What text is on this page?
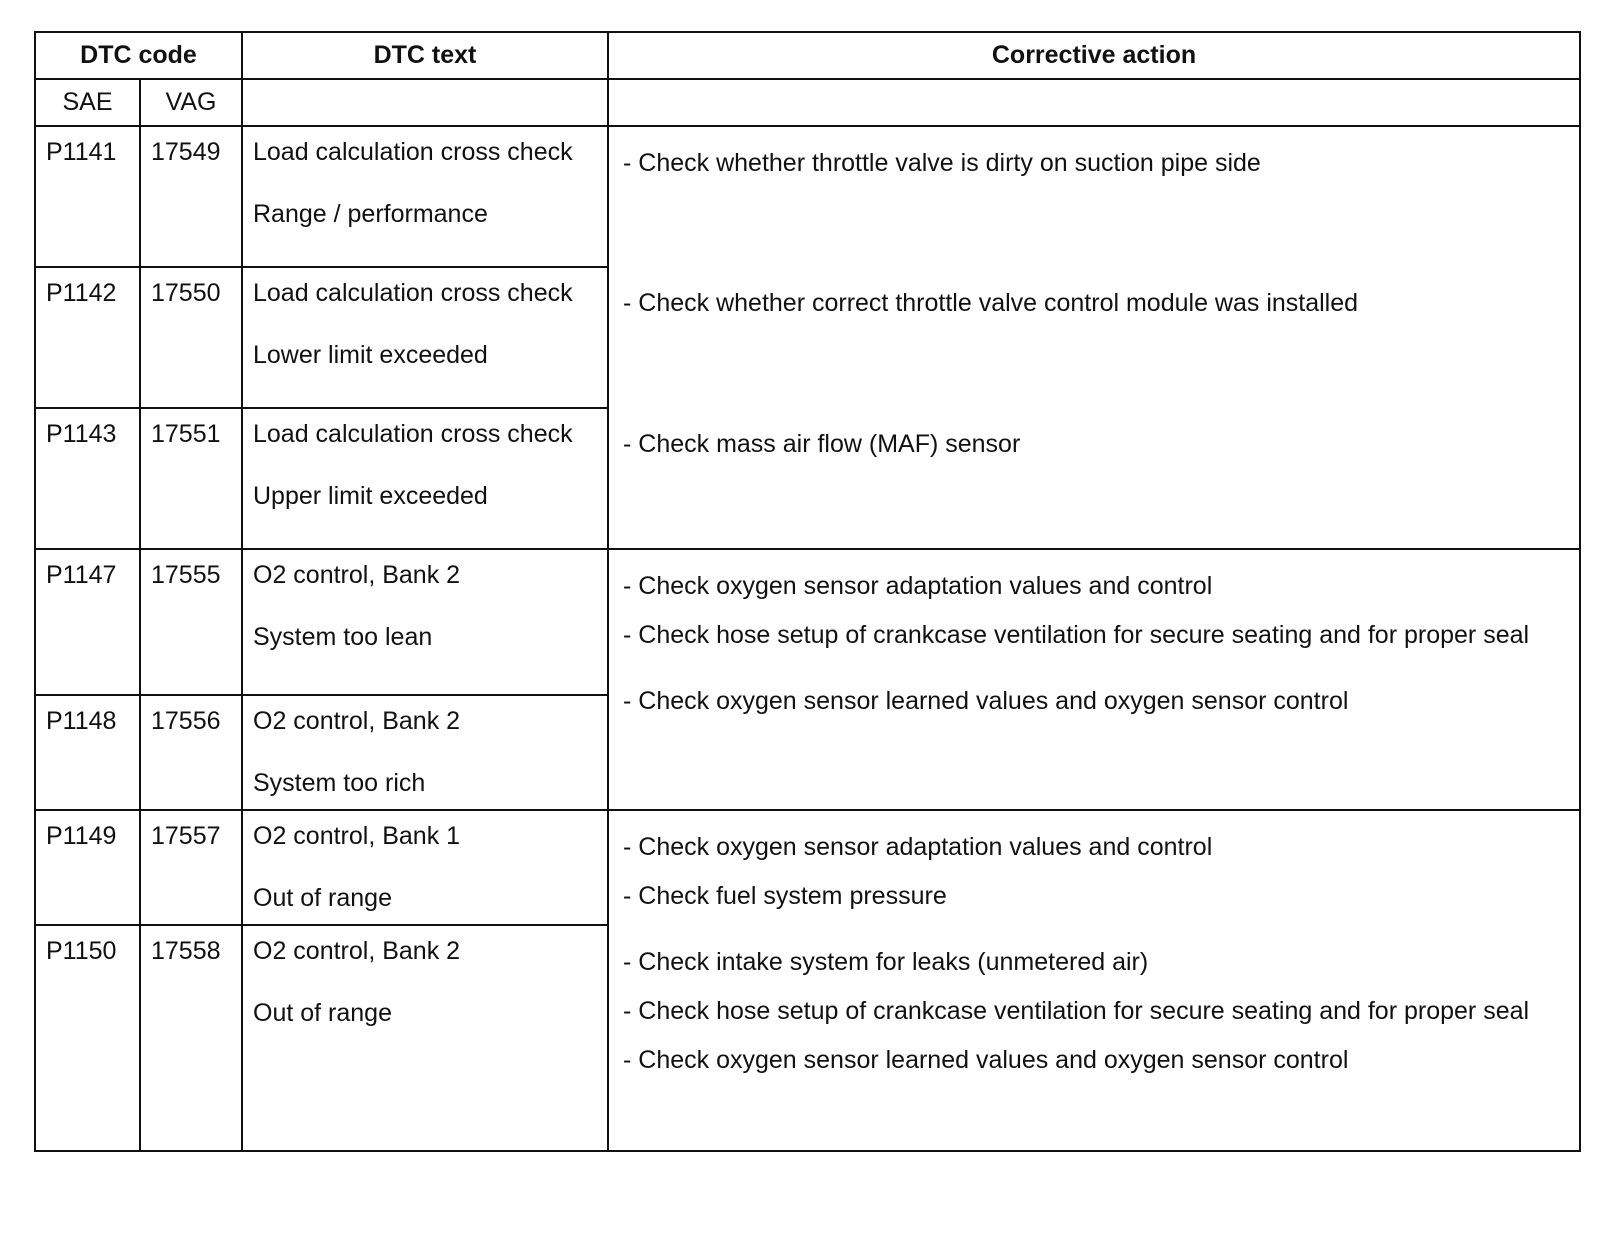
DTC code		DTC text	Corrective action
SAE	VAG		
P1141	17549	Load calculation cross check
Range / performance	- Check whether throttle valve is dirty on suction pipe side
- Check whether correct throttle valve control module was installed
- Check mass air flow (MAF) sensor

P1142	17550	Load calculation cross check
Lower limit exceeded	

P1143	17551	Load calculation cross check
Upper limit exceeded	

P1147	17555	O2 control, Bank 2
System too lean	- Check oxygen sensor adaptation values and control
- Check hose setup of crankcase ventilation for secure seating and for proper seal
- Check oxygen sensor learned values and oxygen sensor control

P1148	17556	O2 control, Bank 2
System too rich	

P1149	17557	O2 control, Bank 1
Out of range	- Check oxygen sensor adaptation values and control
- Check fuel system pressure
- Check intake system for leaks (unmetered air)
- Check hose setup of crankcase ventilation for secure seating and for proper seal
- Check oxygen sensor learned values and oxygen sensor control

P1150	17558	O2 control, Bank 2
Out of range	
